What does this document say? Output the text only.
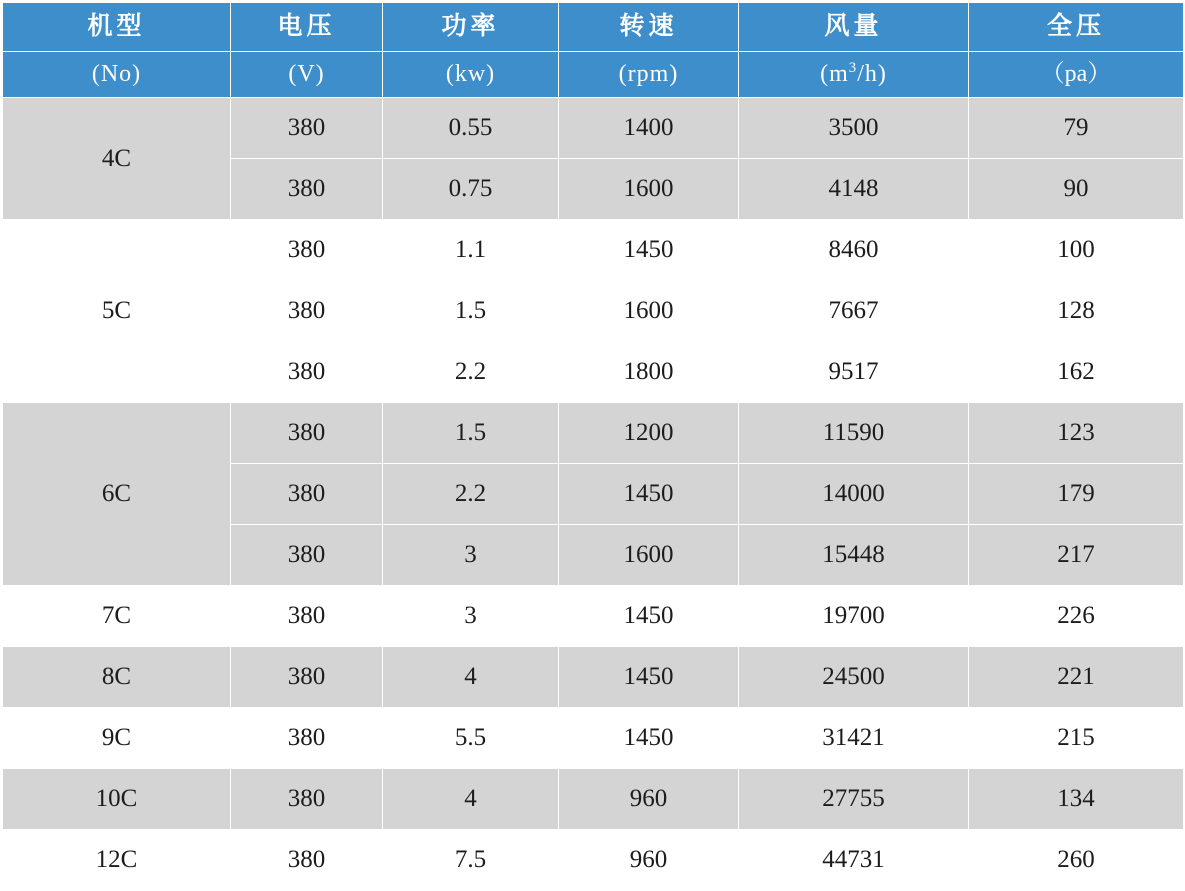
机型	电压	功率	转速	风量	全压
(No)	(V)	(kw)	(rpm)	$(m^3/h)$	（pa）
4C	380	0.55	1400	3500	79
	380	0.75	1600	4148	90
5C	380	1.1	1450	8460	100
	380	1.5	1600	7667	128
	380	2.2	1800	9517	162
6C	380	1.5	1200	11590	123
	380	2.2	1450	14000	179
	380	3	1600	15448	217
7C	380	3	1450	19700	226
8C	380	4	1450	24500	221
9C	380	5.5	1450	31421	215
10C	380	4	960	27755	134
12C	380	7.5	960	44731	260
